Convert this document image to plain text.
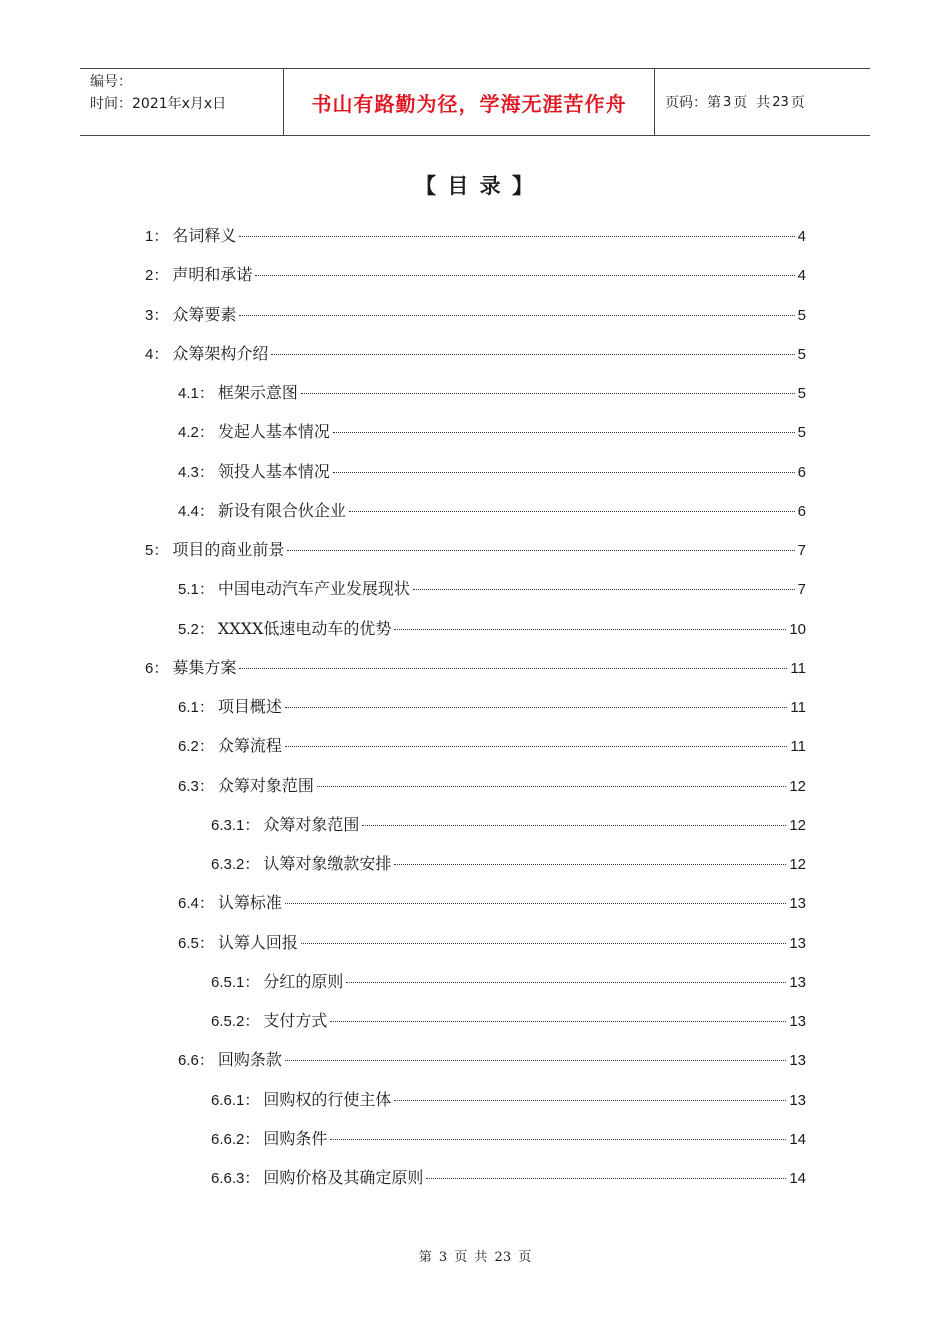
编号：
时间：2021年x月x日	书山有路勤为径，学海无涯苦作舟	页码：第 3 页  共 23 页
【 目 录 】
1： 名词释义	4
2： 声明和承诺	4
3： 众筹要素	5
4： 众筹架构介绍	5
4.1： 框架示意图	5
4.2： 发起人基本情况	5
4.3： 领投人基本情况	6
4.4： 新设有限合伙企业	6
5： 项目的商业前景	7
5.1： 中国电动汽车产业发展现状	7
5.2： XXXX低速电动车的优势	10
6： 募集方案	11
6.1： 项目概述	11
6.2： 众筹流程	11
6.3： 众筹对象范围	12
6.3.1： 众筹对象范围	12
6.3.2： 认筹对象缴款安排	12
6.4： 认筹标准	13
6.5： 认筹人回报	13
6.5.1： 分红的原则	13
6.5.2： 支付方式	13
6.6： 回购条款	13
6.6.1： 回购权的行使主体	13
6.6.2： 回购条件	14
6.6.3： 回购价格及其确定原则	14
第 3 页 共 23 页
